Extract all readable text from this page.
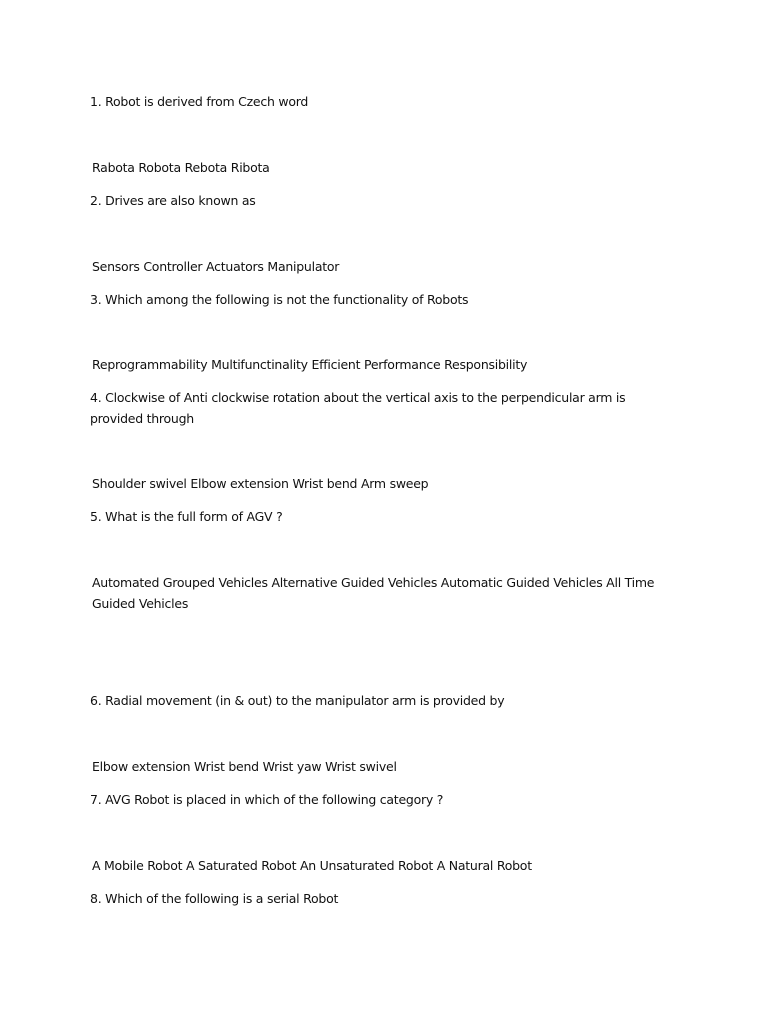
1. Robot is derived from Czech word
Rabota Robota Rebota Ribota
2. Drives are also known as
Sensors Controller Actuators Manipulator
3. Which among the following is not the functionality of Robots
Reprogrammability Multifunctinality Efficient Performance Responsibility
4. Clockwise of Anti clockwise rotation about the vertical axis to the perpendicular arm is provided through
Shoulder swivel Elbow extension Wrist bend Arm sweep
5. What is the full form of AGV ?
Automated Grouped Vehicles Alternative Guided Vehicles Automatic Guided Vehicles All Time Guided Vehicles
6. Radial movement (in & out) to the manipulator arm is provided by
Elbow extension Wrist bend Wrist yaw Wrist swivel
7. AVG Robot is placed in which of the following category ?
A Mobile Robot A Saturated Robot An Unsaturated Robot A Natural Robot
8. Which of the following is a serial Robot
